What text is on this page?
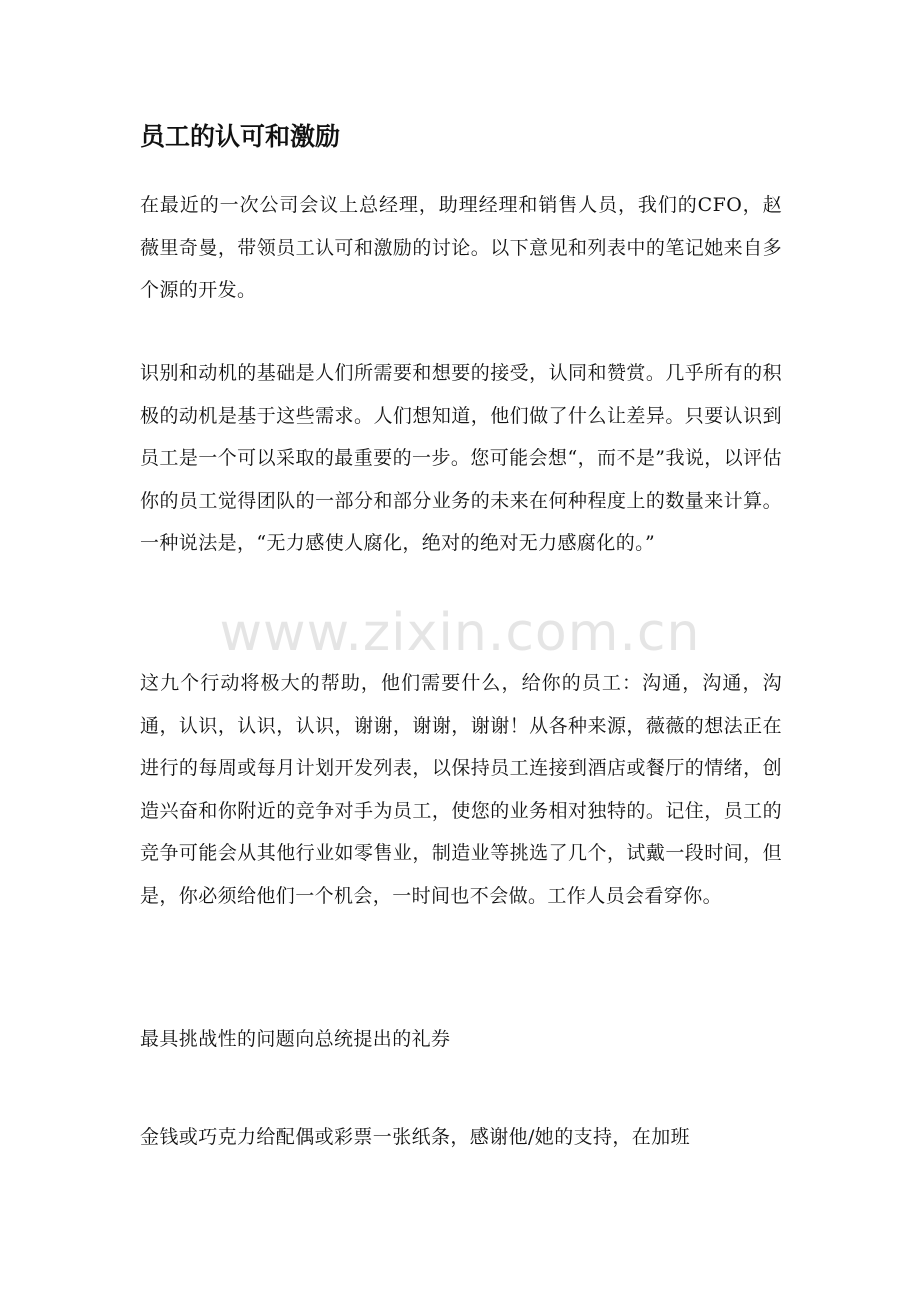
员工的认可和激励

在最近的一次公司会议上总经理，助理经理和销售人员，我们的CFO，赵薇里奇曼，带领员工认可和激励的讨论。以下意见和列表中的笔记她来自多个源的开发。

识别和动机的基础是人们所需要和想要的接受，认同和赞赏。几乎所有的积极的动机是基于这些需求。人们想知道，他们做了什么让差异。只要认识到员工是一个可以采取的最重要的一步。您可能会想“，而不是”我说，以评估你的员工觉得团队的一部分和部分业务的未来在何种程度上的数量来计算。一种说法是，“无力感使人腐化，绝对的绝对无力感腐化的。”

这九个行动将极大的帮助，他们需要什么，给你的员工：沟通，沟通，沟通，认识，认识，认识，谢谢，谢谢，谢谢！从各种来源，薇薇的想法正在进行的每周或每月计划开发列表，以保持员工连接到酒店或餐厅的情绪，创造兴奋和你附近的竞争对手为员工，使您的业务相对独特的。记住，员工的竞争可能会从其他行业如零售业，制造业等挑选了几个，试戴一段时间，但是，你必须给他们一个机会，一时间也不会做。工作人员会看穿你。

最具挑战性的问题向总统提出的礼券

金钱或巧克力给配偶或彩票一张纸条，感谢他/她的支持，在加班

www.zixin.com.cn
